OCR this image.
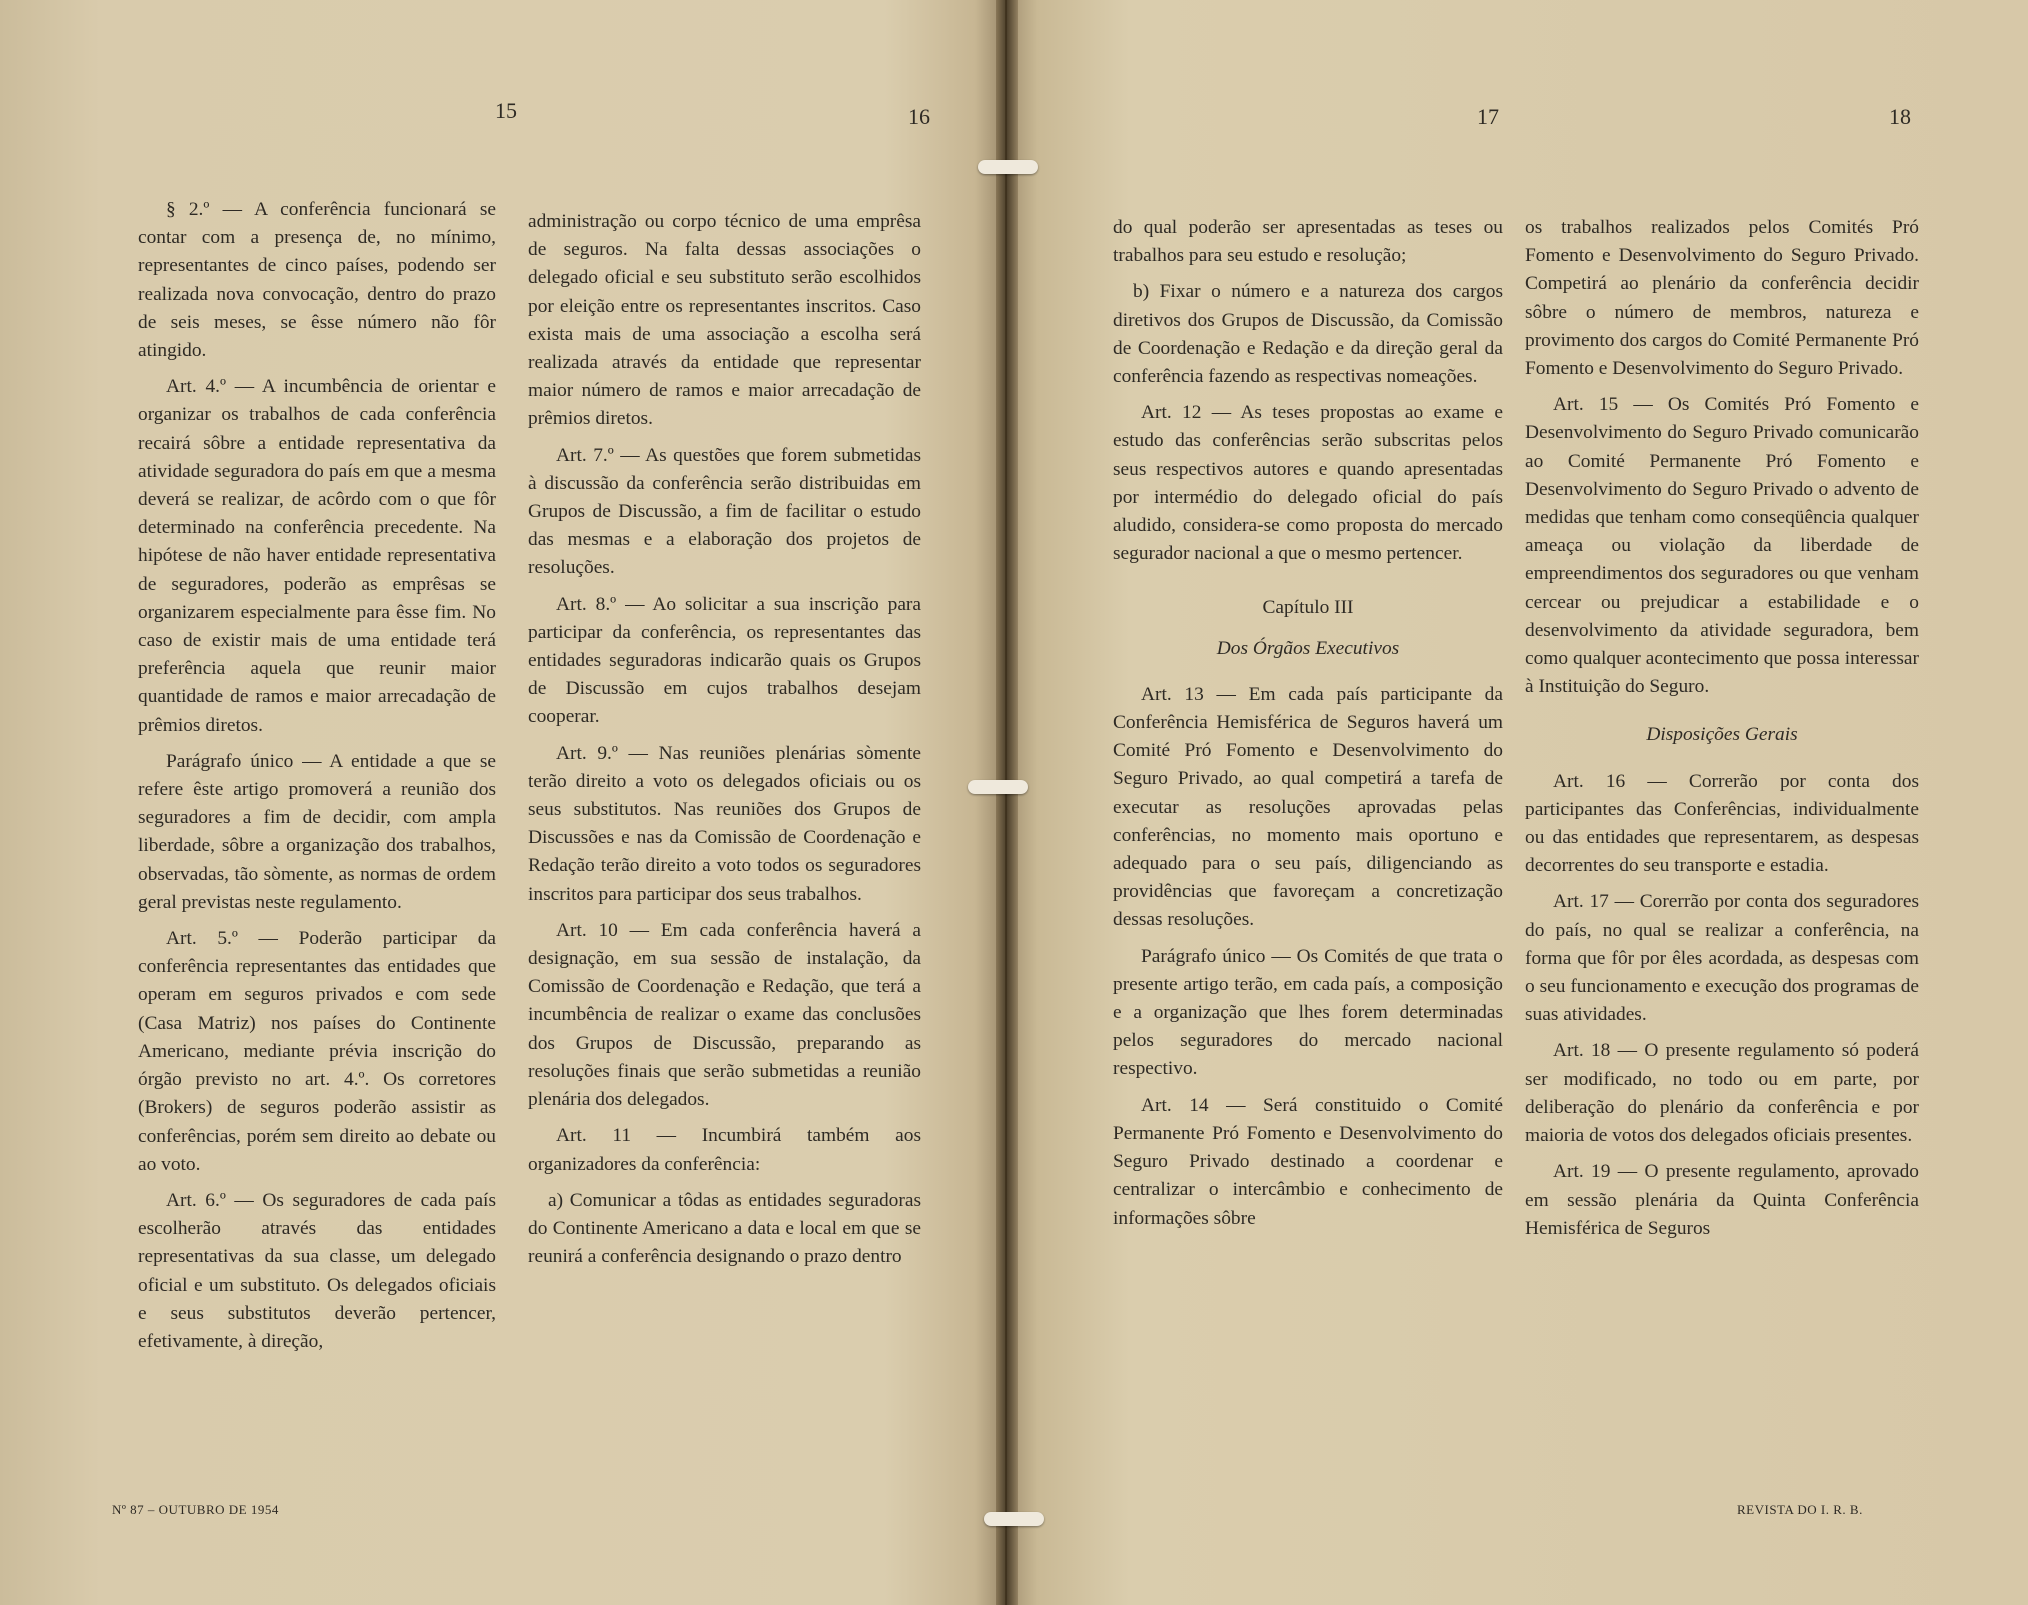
15	16

§ 2.º — A conferência funcionará se contar com a presença de, no mínimo, representantes de cinco países, podendo ser realizada nova convocação, dentro do prazo de seis meses, se êsse número não fôr atingido.

Art. 4.º — A incumbência de orientar e organizar os trabalhos de cada conferência recairá sôbre a entidade representativa da atividade seguradora do país em que a mesma deverá se realizar, de acôrdo com o que fôr determinado na conferência precedente. Na hipótese de não haver entidade representativa de seguradores, poderão as emprêsas se organizarem especialmente para êsse fim. No caso de existir mais de uma entidade terá preferência aquela que reunir maior quantidade de ramos e maior arrecadação de prêmios diretos.

Parágrafo único — A entidade a que se refere êste artigo promoverá a reunião dos seguradores a fim de decidir, com ampla liberdade, sôbre a organização dos trabalhos, observadas, tão sòmente, as normas de ordem geral previstas neste regulamento.

Art. 5.º — Poderão participar da conferência representantes das entidades que operam em seguros privados e com sede (Casa Matriz) nos países do Continente Americano, mediante prévia inscrição do órgão previsto no art. 4.º. Os corretores (Brokers) de seguros poderão assistir as conferências, porém sem direito ao debate ou ao voto.

Art. 6.º — Os seguradores de cada país escolherão através das entidades representativas da sua classe, um delegado oficial e um substituto. Os delegados oficiais e seus substitutos deverão pertencer, efetivamente, à direção,

administração ou corpo técnico de uma emprêsa de seguros. Na falta dessas associações o delegado oficial e seu substituto serão escolhidos por eleição entre os representantes inscritos. Caso exista mais de uma associação a escolha será realizada através da entidade que representar maior número de ramos e maior arrecadação de prêmios diretos.

Art. 7.º — As questões que forem submetidas à discussão da conferência serão distribuidas em Grupos de Discussão, a fim de facilitar o estudo das mesmas e a elaboração dos projetos de resoluções.

Art. 8.º — Ao solicitar a sua inscrição para participar da conferência, os representantes das entidades seguradoras indicarão quais os Grupos de Discussão em cujos trabalhos desejam cooperar.

Art. 9.º — Nas reuniões plenárias sòmente terão direito a voto os delegados oficiais ou os seus substitutos. Nas reuniões dos Grupos de Discussões e nas da Comissão de Coordenação e Redação terão direito a voto todos os seguradores inscritos para participar dos seus trabalhos.

Art. 10 — Em cada conferência haverá a designação, em sua sessão de instalação, da Comissão de Coordenação e Redação, que terá a incumbência de realizar o exame das conclusões dos Grupos de Discussão, preparando as resoluções finais que serão submetidas a reunião plenária dos delegados.

Art. 11 — Incumbirá também aos organizadores da conferência:

a) Comunicar a tôdas as entidades seguradoras do Continente Americano a data e local em que se reunirá a conferência designando o prazo dentro

Nº 87 – OUTUBRO DE 1954
17	18

do qual poderão ser apresentadas as teses ou trabalhos para seu estudo e resolução;

b) Fixar o número e a natureza dos cargos diretivos dos Grupos de Discussão, da Comissão de Coordenação e Redação e da direção geral da conferência fazendo as respectivas nomeações.

Art. 12 — As teses propostas ao exame e estudo das conferências serão subscritas pelos seus respectivos autores e quando apresentadas por intermédio do delegado oficial do país aludido, considera-se como proposta do mercado segurador nacional a que o mesmo pertencer.

Capítulo III

Dos Órgãos Executivos

Art. 13 — Em cada país participante da Conferência Hemisférica de Seguros haverá um Comité Pró Fomento e Desenvolvimento do Seguro Privado, ao qual competirá a tarefa de executar as resoluções aprovadas pelas conferências, no momento mais oportuno e adequado para o seu país, diligenciando as providências que favoreçam a concretização dessas resoluções.

Parágrafo único — Os Comités de que trata o presente artigo terão, em cada país, a composição e a organização que lhes forem determinadas pelos seguradores do mercado nacional respectivo.

Art. 14 — Será constituido o Comité Permanente Pró Fomento e Desenvolvimento do Seguro Privado destinado a coordenar e centralizar o intercâmbio e conhecimento de informações sôbre

os trabalhos realizados pelos Comités Pró Fomento e Desenvolvimento do Seguro Privado. Competirá ao plenário da conferência decidir sôbre o número de membros, natureza e provimento dos cargos do Comité Permanente Pró Fomento e Desenvolvimento do Seguro Privado.

Art. 15 — Os Comités Pró Fomento e Desenvolvimento do Seguro Privado comunicarão ao Comité Permanente Pró Fomento e Desenvolvimento do Seguro Privado o advento de medidas que tenham como conseqüência qualquer ameaça ou violação da liberdade de empreendimentos dos seguradores ou que venham cercear ou prejudicar a estabilidade e o desenvolvimento da atividade seguradora, bem como qualquer acontecimento que possa interessar à Instituição do Seguro.

Disposições Gerais

Art. 16 — Correrão por conta dos participantes das Conferências, individualmente ou das entidades que representarem, as despesas decorrentes do seu transporte e estadia.

Art. 17 — Corerrão por conta dos seguradores do país, no qual se realizar a conferência, na forma que fôr por êles acordada, as despesas com o seu funcionamento e execução dos programas de suas atividades.

Art. 18 — O presente regulamento só poderá ser modificado, no todo ou em parte, por deliberação do plenário da conferência e por maioria de votos dos delegados oficiais presentes.

Art. 19 — O presente regulamento, aprovado em sessão plenária da Quinta Conferência Hemisférica de Seguros

REVISTA DO I. R. B.
